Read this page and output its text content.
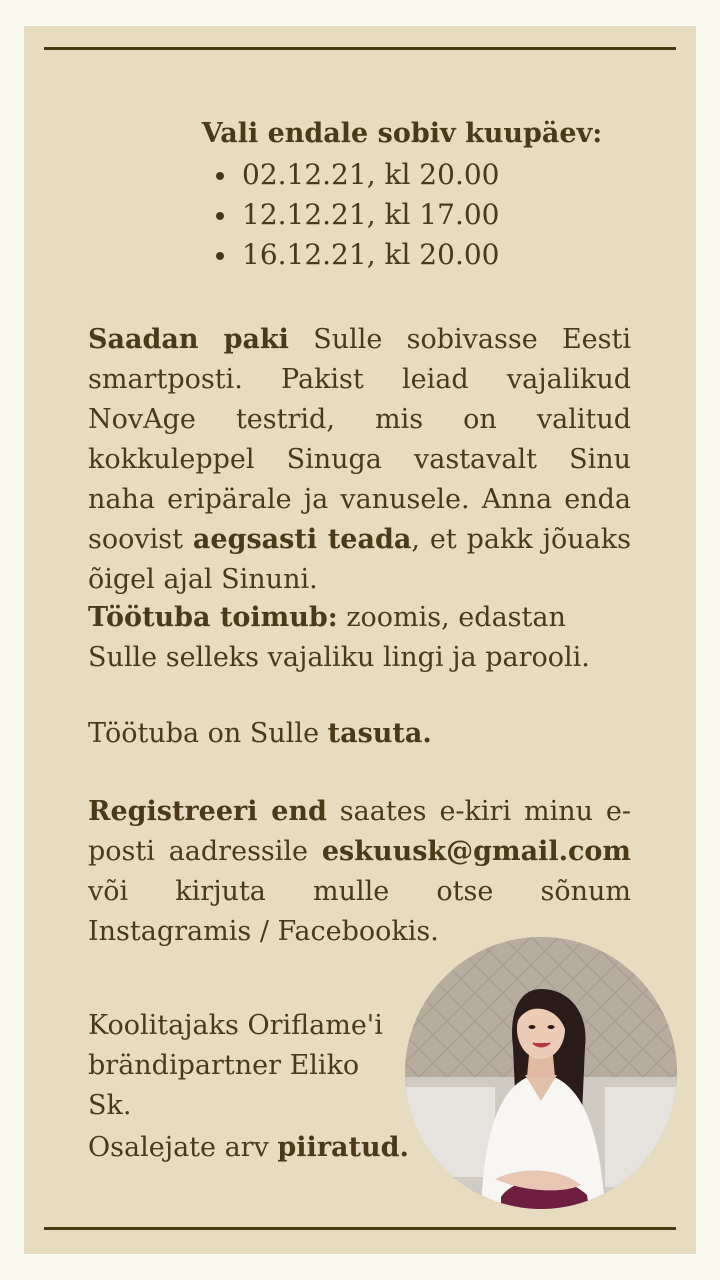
Vali endale sobiv kuupäev:
02.12.21, kl 20.00
12.12.21, kl 17.00
16.12.21, kl 20.00

Saadan paki Sulle sobivasse Eesti smartposti. Pakist leiad vajalikud NovAge testrid, mis on valitud kokkuleppel Sinuga vastavalt Sinu naha eripärale ja vanusele. Anna enda soovist aegsasti teada, et pakk jõuaks õigel ajal Sinuni.

Töötuba toimub: zoomis, edastan Sulle selleks vajaliku lingi ja parooli.

Töötuba on Sulle tasuta.

Registreeri end saates e-kiri minu e-posti aadressile eskuusk@gmail.com või kirjuta mulle otse sõnum Instagramis / Facebookis.

Koolitajaks Oriflame'i
brändipartner Eliko Sk.

Osalejate arv piiratud.
